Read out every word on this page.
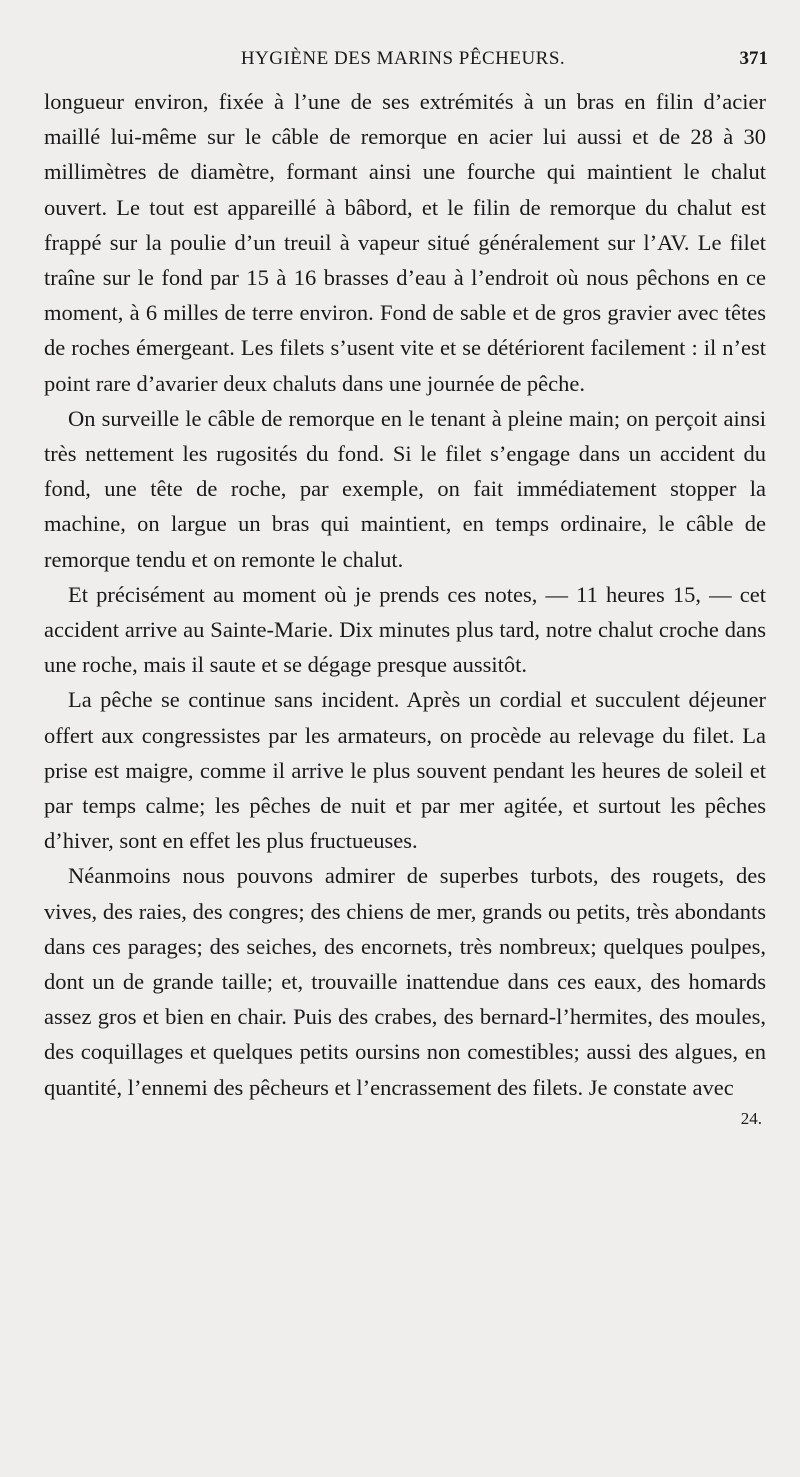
HYGIÈNE DES MARINS PÊCHEURS.	371

longueur environ, fixée à l’une de ses extrémités à un bras en filin d’acier maillé lui-même sur le câble de remorque en acier lui aussi et de 28 à 30 millimètres de diamètre, formant ainsi une fourche qui maintient le chalut ouvert. Le tout est appareillé à bâbord, et le filin de remorque du chalut est frappé sur la poulie d’un treuil à vapeur situé généralement sur l’AV. Le filet traîne sur le fond par 15 à 16 brasses d’eau à l’endroit où nous pêchons en ce moment, à 6 milles de terre environ. Fond de sable et de gros gravier avec têtes de roches émergeant. Les filets s’usent vite et se détériorent facilement : il n’est point rare d’avarier deux chaluts dans une journée de pêche.

On surveille le câble de remorque en le tenant à pleine main; on perçoit ainsi très nettement les rugosités du fond. Si le filet s’engage dans un accident du fond, une tête de roche, par exemple, on fait immédiatement stopper la machine, on largue un bras qui maintient, en temps ordinaire, le câble de remorque tendu et on remonte le chalut.

Et précisément au moment où je prends ces notes, — 11 heures 15, — cet accident arrive au Sainte-Marie. Dix minutes plus tard, notre chalut croche dans une roche, mais il saute et se dégage presque aussitôt.

La pêche se continue sans incident. Après un cordial et succulent déjeuner offert aux congressistes par les armateurs, on procède au relevage du filet. La prise est maigre, comme il arrive le plus souvent pendant les heures de soleil et par temps calme; les pêches de nuit et par mer agitée, et surtout les pêches d’hiver, sont en effet les plus fructueuses.

Néanmoins nous pouvons admirer de superbes turbots, des rougets, des vives, des raies, des congres; des chiens de mer, grands ou petits, très abondants dans ces parages; des seiches, des encornets, très nombreux; quelques poulpes, dont un de grande taille; et, trouvaille inattendue dans ces eaux, des homards assez gros et bien en chair. Puis des crabes, des bernard-l’hermites, des moules, des coquillages et quelques petits oursins non comestibles; aussi des algues, en quantité, l’ennemi des pêcheurs et l’encrassement des filets. Je constate avec

24.
